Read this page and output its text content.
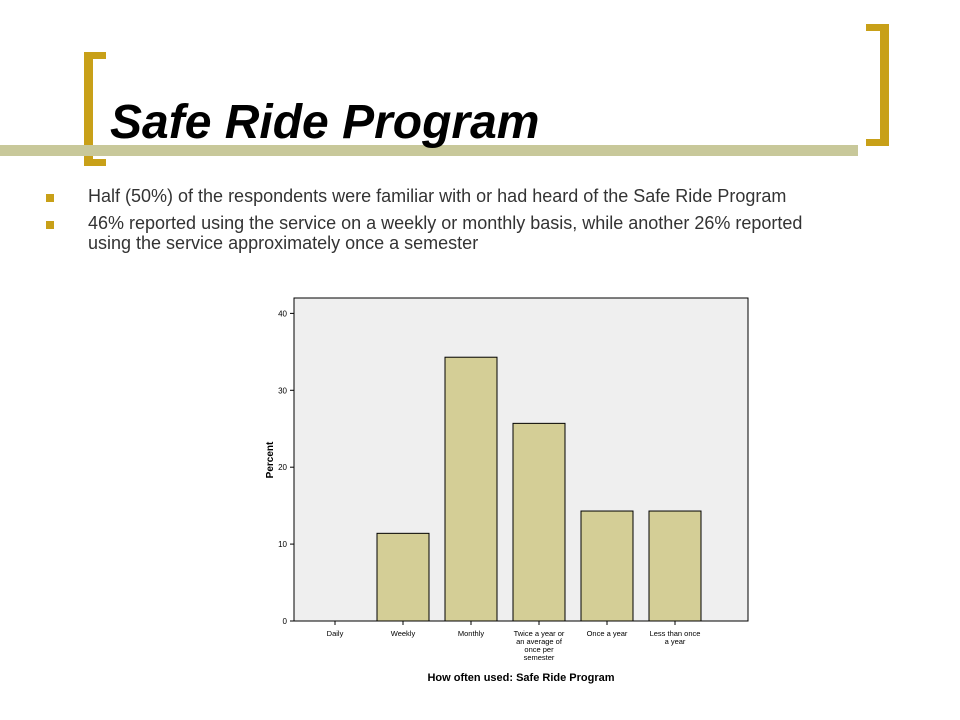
Safe Ride Program
Half (50%) of the respondents were familiar with or had heard of the Safe Ride Program
46% reported using the service on a weekly or monthly basis, while another 26% reported using the service approximately once a semester
0
10
20
30
40
Daily	Weekly	Monthly	Twice a year or an average of once per semester
Once a year	Less than once a year
Percent
How often used: Safe Ride Program
